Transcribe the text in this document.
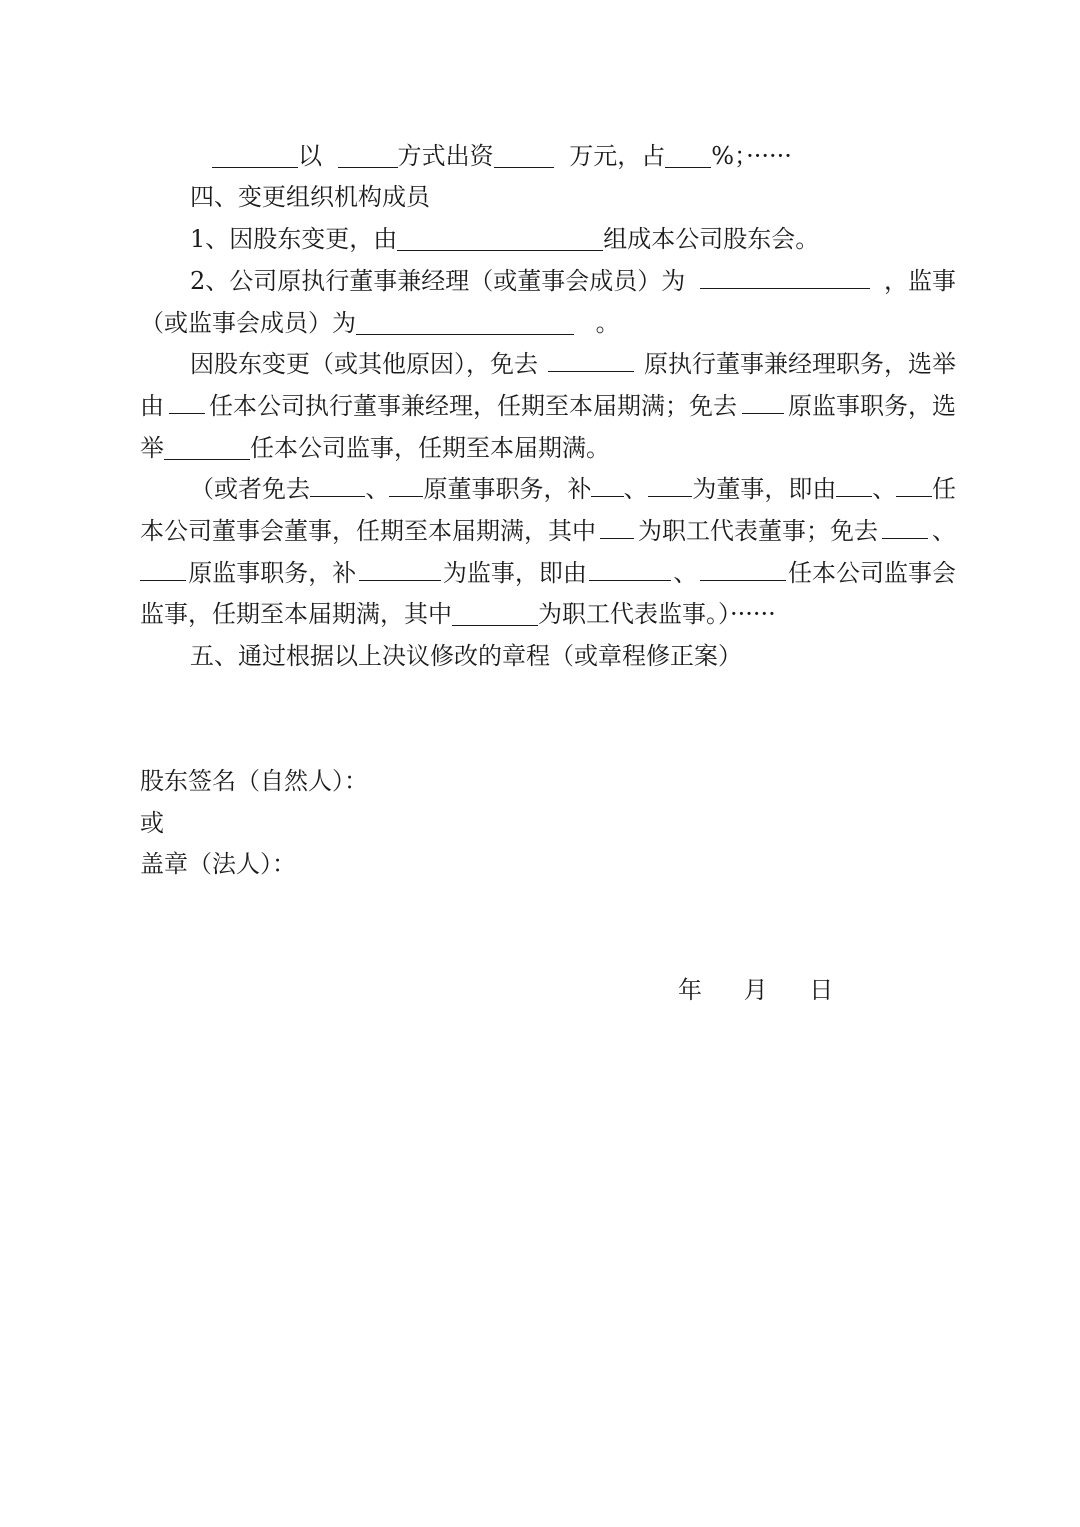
以	方式出资	万元，占 %；······
四、变更组织机构成员
1、因股东变更，由	组成本公司股东会。
2、公司原执行董事兼经理（或董事会成员）为	，监事
（或监事会成员）为	。
因股东变更（或其他原因），免去	原执行董事兼经理职务，选举
由 任本公司执行董事兼经理，任期至本届期满；免去 原监事职务，选
举	任本公司监事，任期至本届期满。
（或者免去 、 原董事职务，补 、 为董事，即由 、 任
本公司董事会董事，任期至本届期满，其中 为职工代表董事；免去 、
原监事职务，补	为监事，即由	、	任本公司监事会
监事，任期至本届期满，其中	为职工代表监事。）······
五、通过根据以上决议修改的章程（或章程修正案）
股东签名（自然人）：
或
盖章（法人）：
年 月 日
